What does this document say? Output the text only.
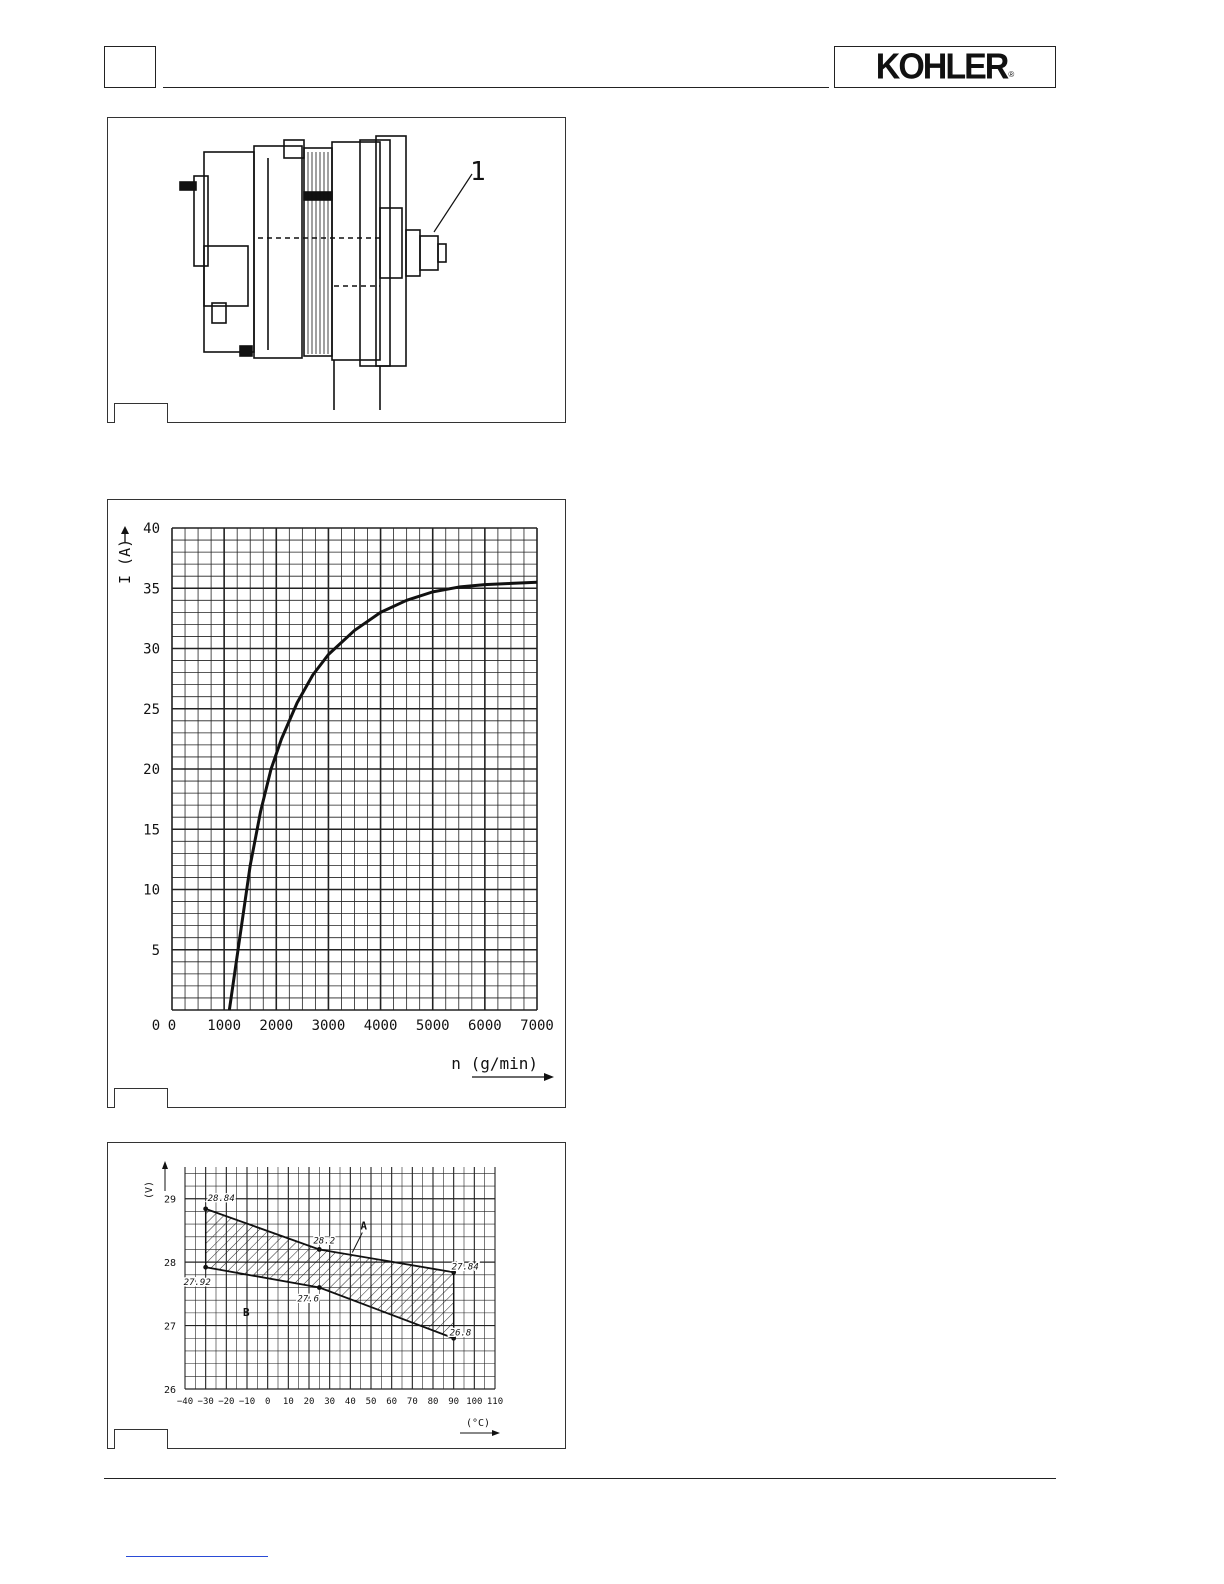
$KOHLER_®$
1
0 1000 2000 3000 4000 5000 6000 7000
0
5
10
15
20
25
30
35
40
I (A)
n (g/min)
−40 −30 −20 −10 0 10 20 30 40 50 60 70 80 90 100 110
26
27
28
29
(V)
(°C)
28.84
28.2
27.84
27.92
27.6
26.8
A
B
